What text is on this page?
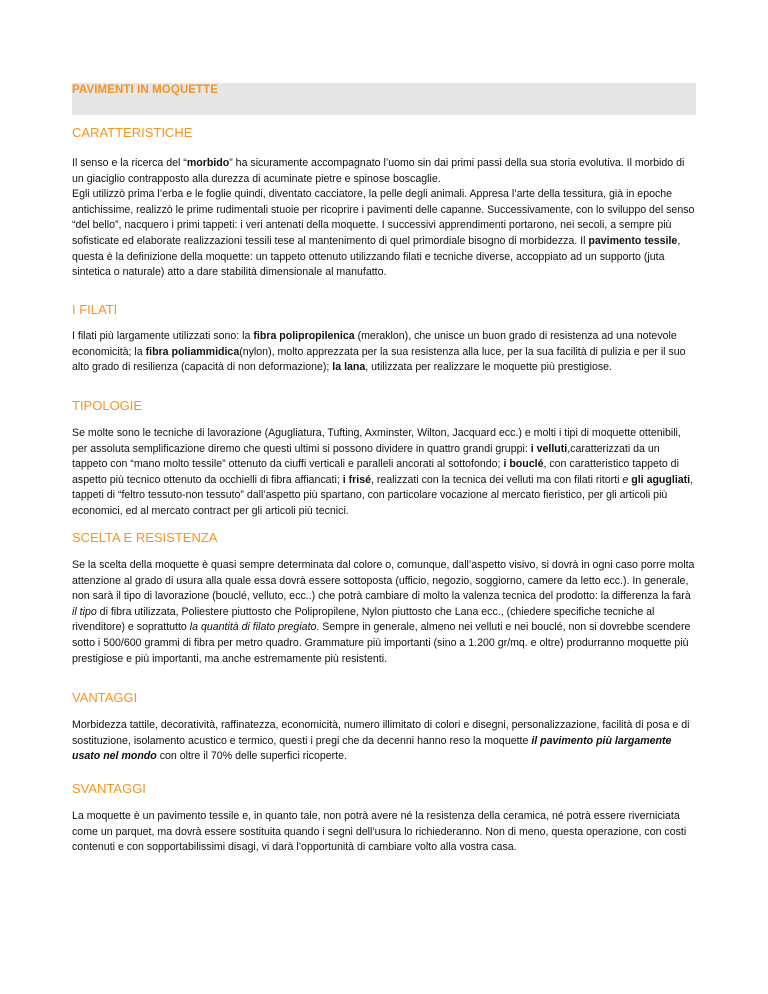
PAVIMENTI IN MOQUETTE
CARATTERISTICHE

Il senso e la ricerca del “morbido” ha sicuramente accompagnato l’uomo sin dai primi passi della sua storia evolutiva. Il morbido di un giaciglio contrapposto alla durezza di acuminate pietre e spinose boscaglie.
Egli utilizzò prima l’erba e le foglie quindi, diventato cacciatore, la pelle degli animali. Appresa l’arte della tessitura, già in epoche antichissime, realizzò le prime rudimentali stuoie per ricoprire i pavimenti delle capanne. Successivamente, con lo sviluppo del senso “del bello”, nacquero i primi tappeti: i veri antenati della moquette. I successivi apprendimenti portarono, nei secoli, a sempre più sofisticate ed elaborate realizzazioni tessili tese al mantenimento di quel primordiale bisogno di morbidezza. Il pavimento tessile, questa è la definizione della moquette: un tappeto ottenuto utilizzando filati e tecniche diverse, accoppiato ad un supporto (juta sintetica o naturale) atto a dare stabilità dimensionale al manufatto.

I FILATI

I filati più largamente utilizzati sono: la fibra polipropilenica (meraklon), che unisce un buon grado di resistenza ad una notevole economicità; la fibra poliammidica(nylon), molto apprezzata per la sua resistenza alla luce, per la sua facilità di pulizia e per il suo alto grado di resilienza (capacità di non deformazione); la lana, utilizzata per realizzare le moquette più prestigiose.

TIPOLOGIE

Se molte sono le tecniche di lavorazione (Agugliatura, Tufting, Axminster, Wilton, Jacquard ecc.) e molti i tipi di moquette ottenibili, per assoluta semplificazione diremo che questi ultimi si possono dividere in quattro grandi gruppi: i velluti,caratterizzati da un tappeto con “mano molto tessile” ottenuto da ciuffi verticali e paralleli ancorati al sottofondo; i bouclé, con caratteristico tappeto di aspetto più tecnico ottenuto da occhielli di fibra affiancati; i frisé, realizzati con la tecnica dei velluti ma con filati ritorti e gli agugliati, tappeti di “feltro tessuto-non tessuto” dall’aspetto più spartano, con particolare vocazione al mercato fieristico, per gli articoli più economici, ed al mercato contract per gli articoli più tecnici.

SCELTA E RESISTENZA

Se la scelta della moquette è quasi sempre determinata dal colore o, comunque, dall’aspetto visivo, si dovrà in ogni caso porre molta attenzione al grado di usura alla quale essa dovrà essere sottoposta (ufficio, negozio, soggiorno, camere da letto ecc.). In generale, non sarà il tipo di lavorazione (bouclé, velluto, ecc..) che potrà cambiare di molto la valenza tecnica del prodotto: la differenza la farà il tipo di fibra utilizzata, Poliestere piuttosto che Polipropilene, Nylon piuttosto che Lana ecc., (chiedere specifiche tecniche al rivenditore) e soprattutto la quantità di filato pregiato. Sempre in generale, almeno nei velluti e nei bouclé, non si dovrebbe scendere sotto i 500/600 grammi di fibra per metro quadro. Grammature più importanti (sino a 1.200 gr/mq. e oltre) produrranno moquette più prestigiose e più importanti, ma anche estremamente più resistenti.

VANTAGGI

Morbidezza tattile, decoratività, raffinatezza, economicità, numero illimitato di colori e disegni, personalizzazione, facilità di posa e di sostituzione, isolamento acustico e termico, questi i pregi che da decenni hanno reso la moquette il pavimento più largamente usato nel mondo con oltre il 70% delle superfici ricoperte.

SVANTAGGI

La moquette è un pavimento tessile e, in quanto tale, non potrà avere né la resistenza della ceramica, né potrà essere riverniciata come un parquet, ma dovrà essere sostituita quando i segni dell’usura lo richiederanno. Non di meno, questa operazione, con costi contenuti e con sopportabilissimi disagi, vi darà l’opportunità di cambiare volto alla vostra casa.
